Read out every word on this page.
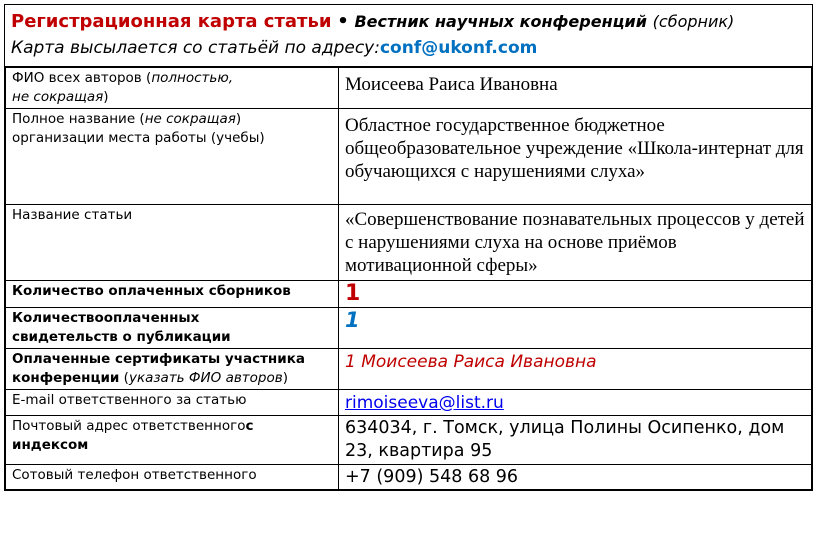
Регистрационная карта статьи • Вестник научных конференций (сборник)
Карта высылается со статьёй по адресу:conf@ukonf.com
ФИО всех авторов (полностью,
не сокращая)	Моисеева Раиса Ивановна
Полное название (не сокращая)
организации места работы (учебы)	Областное государственное бюджетное общеобразовательное учреждение «Школа-интернат для обучающихся с нарушениями слуха»
Название статьи	«Совершенствование познавательных процессов у детей с нарушениями слуха на основе приёмов мотивационной сферы»
Количество оплаченных сборников	1
Количествооплаченных
свидетельств о публикации	1
Оплаченные сертификаты участника конференции (указать ФИО авторов)	1 Моисеева Раиса Ивановна
E-mail ответственного за статью	rimoiseeva@list.ru
Почтовый адрес ответственногос
индексом	634034, г. Томск, улица Полины Осипенко, дом 23, квартира 95
Сотовый телефон ответственного	+7 (909) 548 68 96
